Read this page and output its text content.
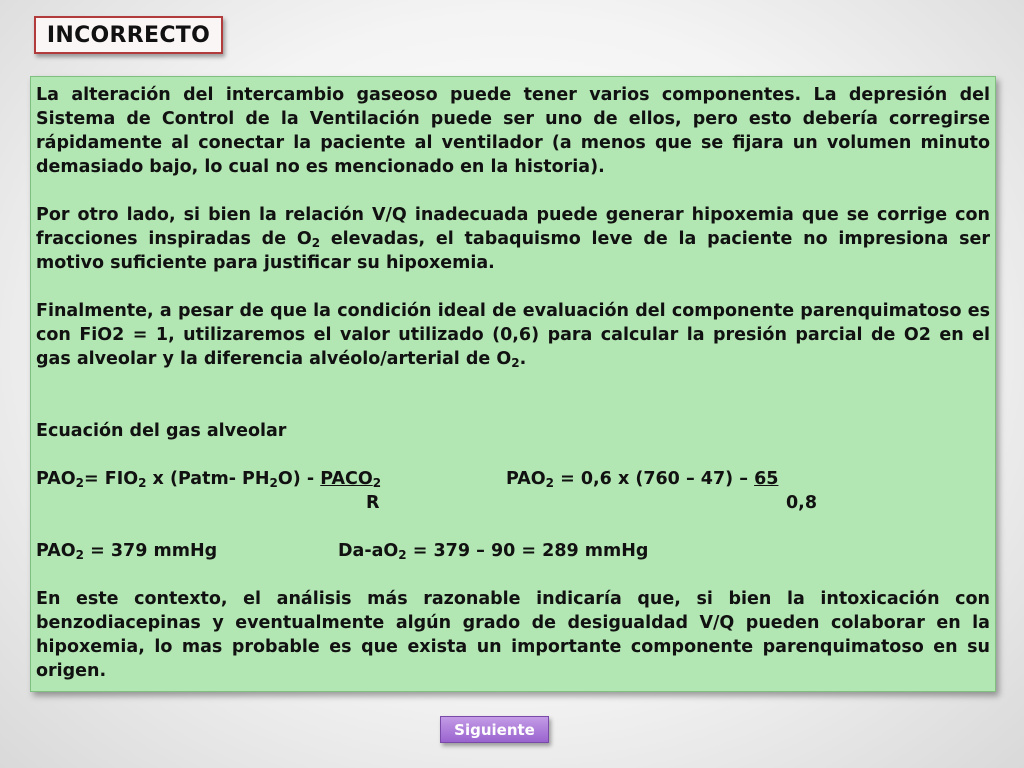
INCORRECTO

La alteración del intercambio gaseoso puede tener varios componentes. La depresión del Sistema de Control de la Ventilación puede ser uno de ellos, pero esto debería corregirse rápidamente al conectar la paciente al ventilador (a menos que se fijara un volumen minuto demasiado bajo, lo cual no es mencionado en la historia).

Por otro lado, si bien la relación V/Q inadecuada puede generar hipoxemia que se corrige con fracciones inspiradas de $O_2$ elevadas, el tabaquismo leve de la paciente no impresiona ser motivo suficiente para justificar su hipoxemia.

Finalmente, a pesar de que la condición ideal de evaluación del componente parenquimatoso es con FiO2 = 1, utilizaremos el valor utilizado (0,6) para calcular la presión parcial de O2 en el gas alveolar y la diferencia alvéolo/arterial de $O_2$.

Ecuación del gas alveolar
$PAO_2= FIO_2$ x (Patm- $PH_2O$) - $PACO_2$	$PAO_2 = 0,6$ x (760 – 47) – 65
R	0,8
$PAO_2 = 379$ mmHg	$Da-aO_2 = 379 - 90 = 289$ mmHg

En este contexto, el análisis más razonable indicaría que, si bien la intoxicación con benzodiacepinas y eventualmente algún grado de desigualdad V/Q pueden colaborar en la hipoxemia, lo mas probable es que exista un importante componente parenquimatoso en su origen.

Siguiente
